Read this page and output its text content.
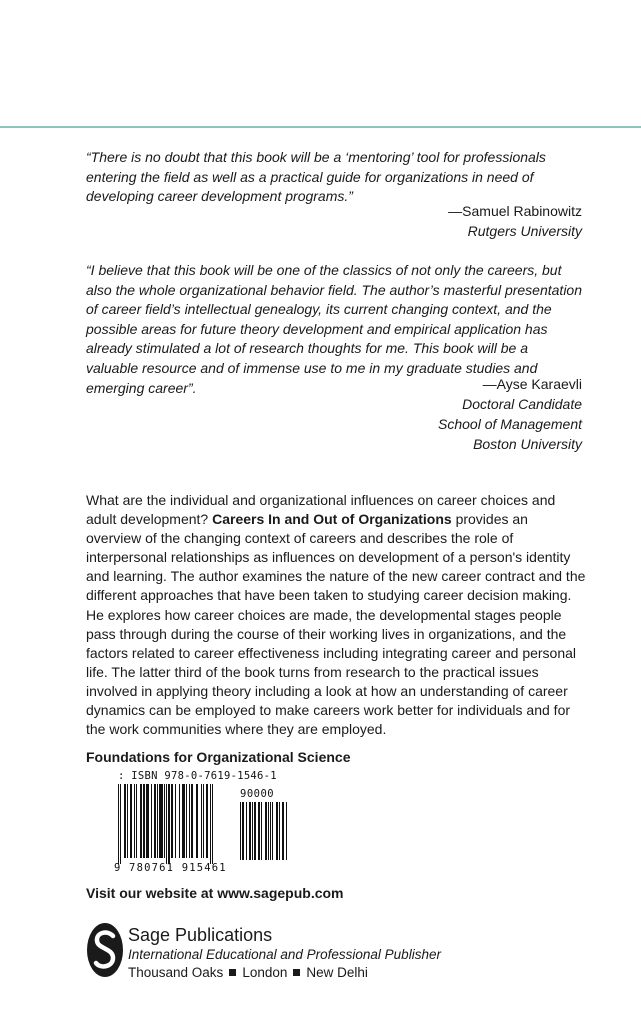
“There is no doubt that this book will be a ‘mentoring’ tool for professionals entering the field as well as a practical guide for organizations in need of developing career development programs.”

—Samuel Rabinowitz
Rutgers University

“I believe that this book will be one of the classics of not only the careers, but also the whole organizational behavior field. The author’s masterful presentation of career field’s intellectual genealogy, its current changing context, and the possible areas for future theory development and empirical application has already stimulated a lot of research thoughts for me. This book will be a valuable resource and of immense use to me in my graduate studies and emerging career”.	—Ayse Karaevli
Doctoral Candidate
School of Management
Boston University

What are the individual and organizational influences on career choices and adult development? Careers In and Out of Organizations provides an overview of the changing context of careers and describes the role of interpersonal relationships as influences on development of a person's identity and learning. The author examines the nature of the new career contract and the different approaches that have been taken to studying career decision making. He explores how career choices are made, the developmental stages people pass through during the course of their working lives in organizations, and the factors related to career effectiveness including integrating career and personal life. The latter third of the book turns from research to the practical issues involved in applying theory including a look at how an understanding of career dynamics can be employed to make careers work better for individuals and for the work communities where they are employed.

Foundations for Organizational Science
: ISBN 978-0-7619-1546-1
90000
9 780761 915461
Visit our website at www.sagepub.com
Sage Publications
International Educational and Professional Publisher
Thousand Oaks London New Delhi
